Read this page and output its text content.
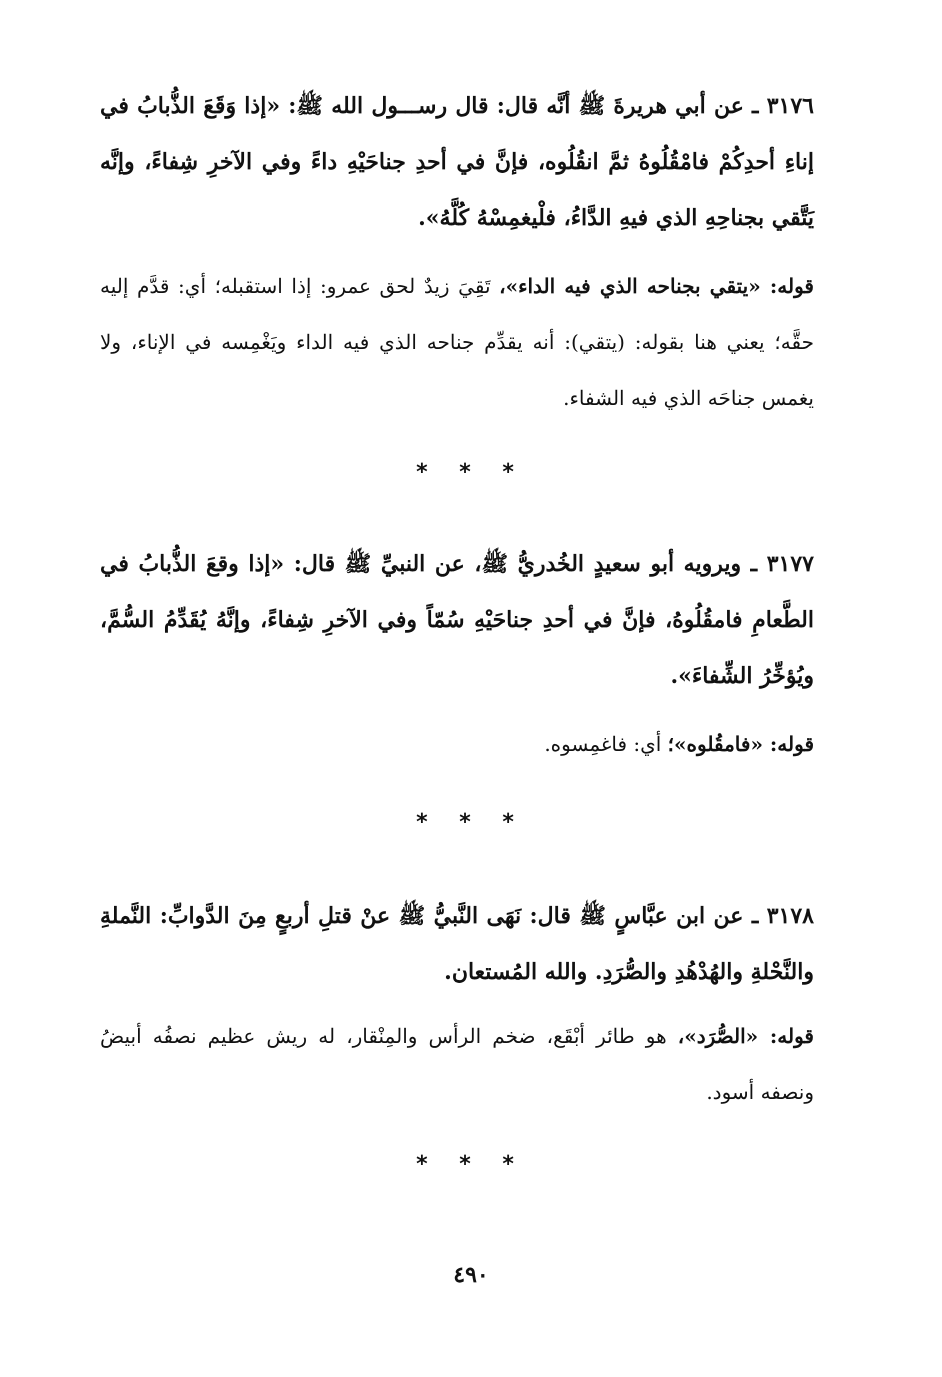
٣١٧٦ ـ عن أبي هريرةَ ﷺ أنَّه قال: قال رســـول الله ﷺ: «إذا وَقَعَ الذُّبابُ في إناءِ أحدِكُمْ فامْقُلُوهُ ثمَّ انقُلُوه، فإنَّ في أحدِ جناحَيْهِ داءً وفي الآخرِ شِفاءً، وإنَّه يَتَّقي بجناحِهِ الذي فيهِ الدَّاءُ، فلْيغمِسْهُ كُلَّهُ».
قوله: «يتقي بجناحه الذي فيه الداء»، تَقِيَ زيدٌ لحق عمرو: إذا استقبله؛ أي: قدَّم إليه حقَّه؛ يعني هنا بقوله: (يتقي): أنه يقدِّم جناحه الذي فيه الداء ويَغْمِسه في الإناء، ولا يغمس جناحَه الذي فيه الشفاء.
* * *
٣١٧٧ ـ ويرويه أبو سعيدٍ الخُدريُّ ﷺ، عن النبيِّ ﷺ قال: «إذا وقعَ الذُّبابُ في الطَّعامِ فامقُلُوهُ، فإنَّ في أحدِ جناحَيْهِ سُمّاً وفي الآخرِ شِفاءً، وإنَّهُ يُقَدِّمُ السُّمَّ، ويُؤخِّرُ الشِّفاءَ».
قوله: «فامقُلوه»؛ أي: فاغمِسوه.
* * *
٣١٧٨ ـ عن ابن عبَّاسٍ ﷺ قال: نَهَى النَّبيُّ ﷺ عنْ قتلِ أربعٍ مِنَ الدَّوابِّ: النَّملةِ والنَّحْلةِ والهُدْهُدِ والصُّرَدِ. والله المُستعان.
قوله: «الصُّرَد»، هو طائر أبْقَع، ضخم الرأس والمِنْقار، له ريش عظيم نصفُه أبيضُ ونصفه أسود.
* * *
٤٩٠
